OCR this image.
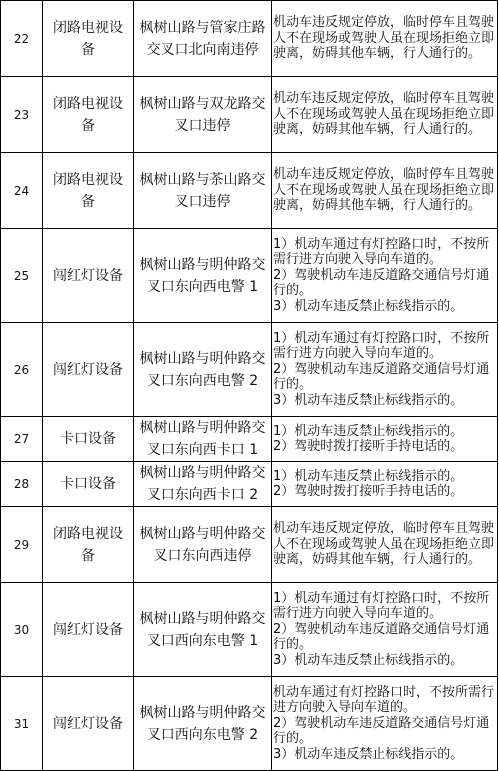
22	闭路电视设备	枫树山路与管家庄路交叉口北向南违停	机动车违反规定停放，临时停车且驾驶人不在现场或驾驶人虽在现场拒绝立即驶离，妨碍其他车辆，行人通行的。

23	闭路电视设备	枫树山路与双龙路交叉口违停	机动车违反规定停放，临时停车且驾驶人不在现场或驾驶人虽在现场拒绝立即驶离，妨碍其他车辆，行人通行的。

24	闭路电视设备	枫树山路与茶山路交叉口违停	机动车违反规定停放，临时停车且驾驶人不在现场或驾驶人虽在现场拒绝立即驶离，妨碍其他车辆，行人通行的。

25	闯红灯设备	枫树山路与明仲路交叉口东向西电警 1	1）机动车通过有灯控路口时，不按所需行进方向驶入导向车道的。
2）驾驶机动车违反道路交通信号灯通行的。
3）机动车违反禁止标线指示的。

26	闯红灯设备	枫树山路与明仲路交叉口东向西电警 2	1）机动车通过有灯控路口时，不按所需行进方向驶入导向车道的。
2）驾驶机动车违反道路交通信号灯通行的。
3）机动车违反禁止标线指示的。

27	卡口设备	枫树山路与明仲路交叉口东向西卡口 1	1）机动车违反禁止标线指示的。
2）驾驶时拨打接听手持电话的。

28	卡口设备	枫树山路与明仲路交叉口东向西卡口 2	1）机动车违反禁止标线指示的。
2）驾驶时拨打接听手持电话的。

29	闭路电视设备	枫树山路与明仲路交叉口东向西违停	机动车违反规定停放，临时停车且驾驶人不在现场或驾驶人虽在现场拒绝立即驶离，妨碍其他车辆，行人通行的。

30	闯红灯设备	枫树山路与明仲路交叉口西向东电警 1	1）机动车通过有灯控路口时，不按所需行进方向驶入导向车道的。
2）驾驶机动车违反道路交通信号灯通行的。
3）机动车违反禁止标线指示的。

31	闯红灯设备	枫树山路与明仲路交叉口西向东电警 2	机动车通过有灯控路口时，不按所需行进方向驶入导向车道的。
2）驾驶机动车违反道路交通信号灯通行的。
3）机动车违反禁止标线指示的。
